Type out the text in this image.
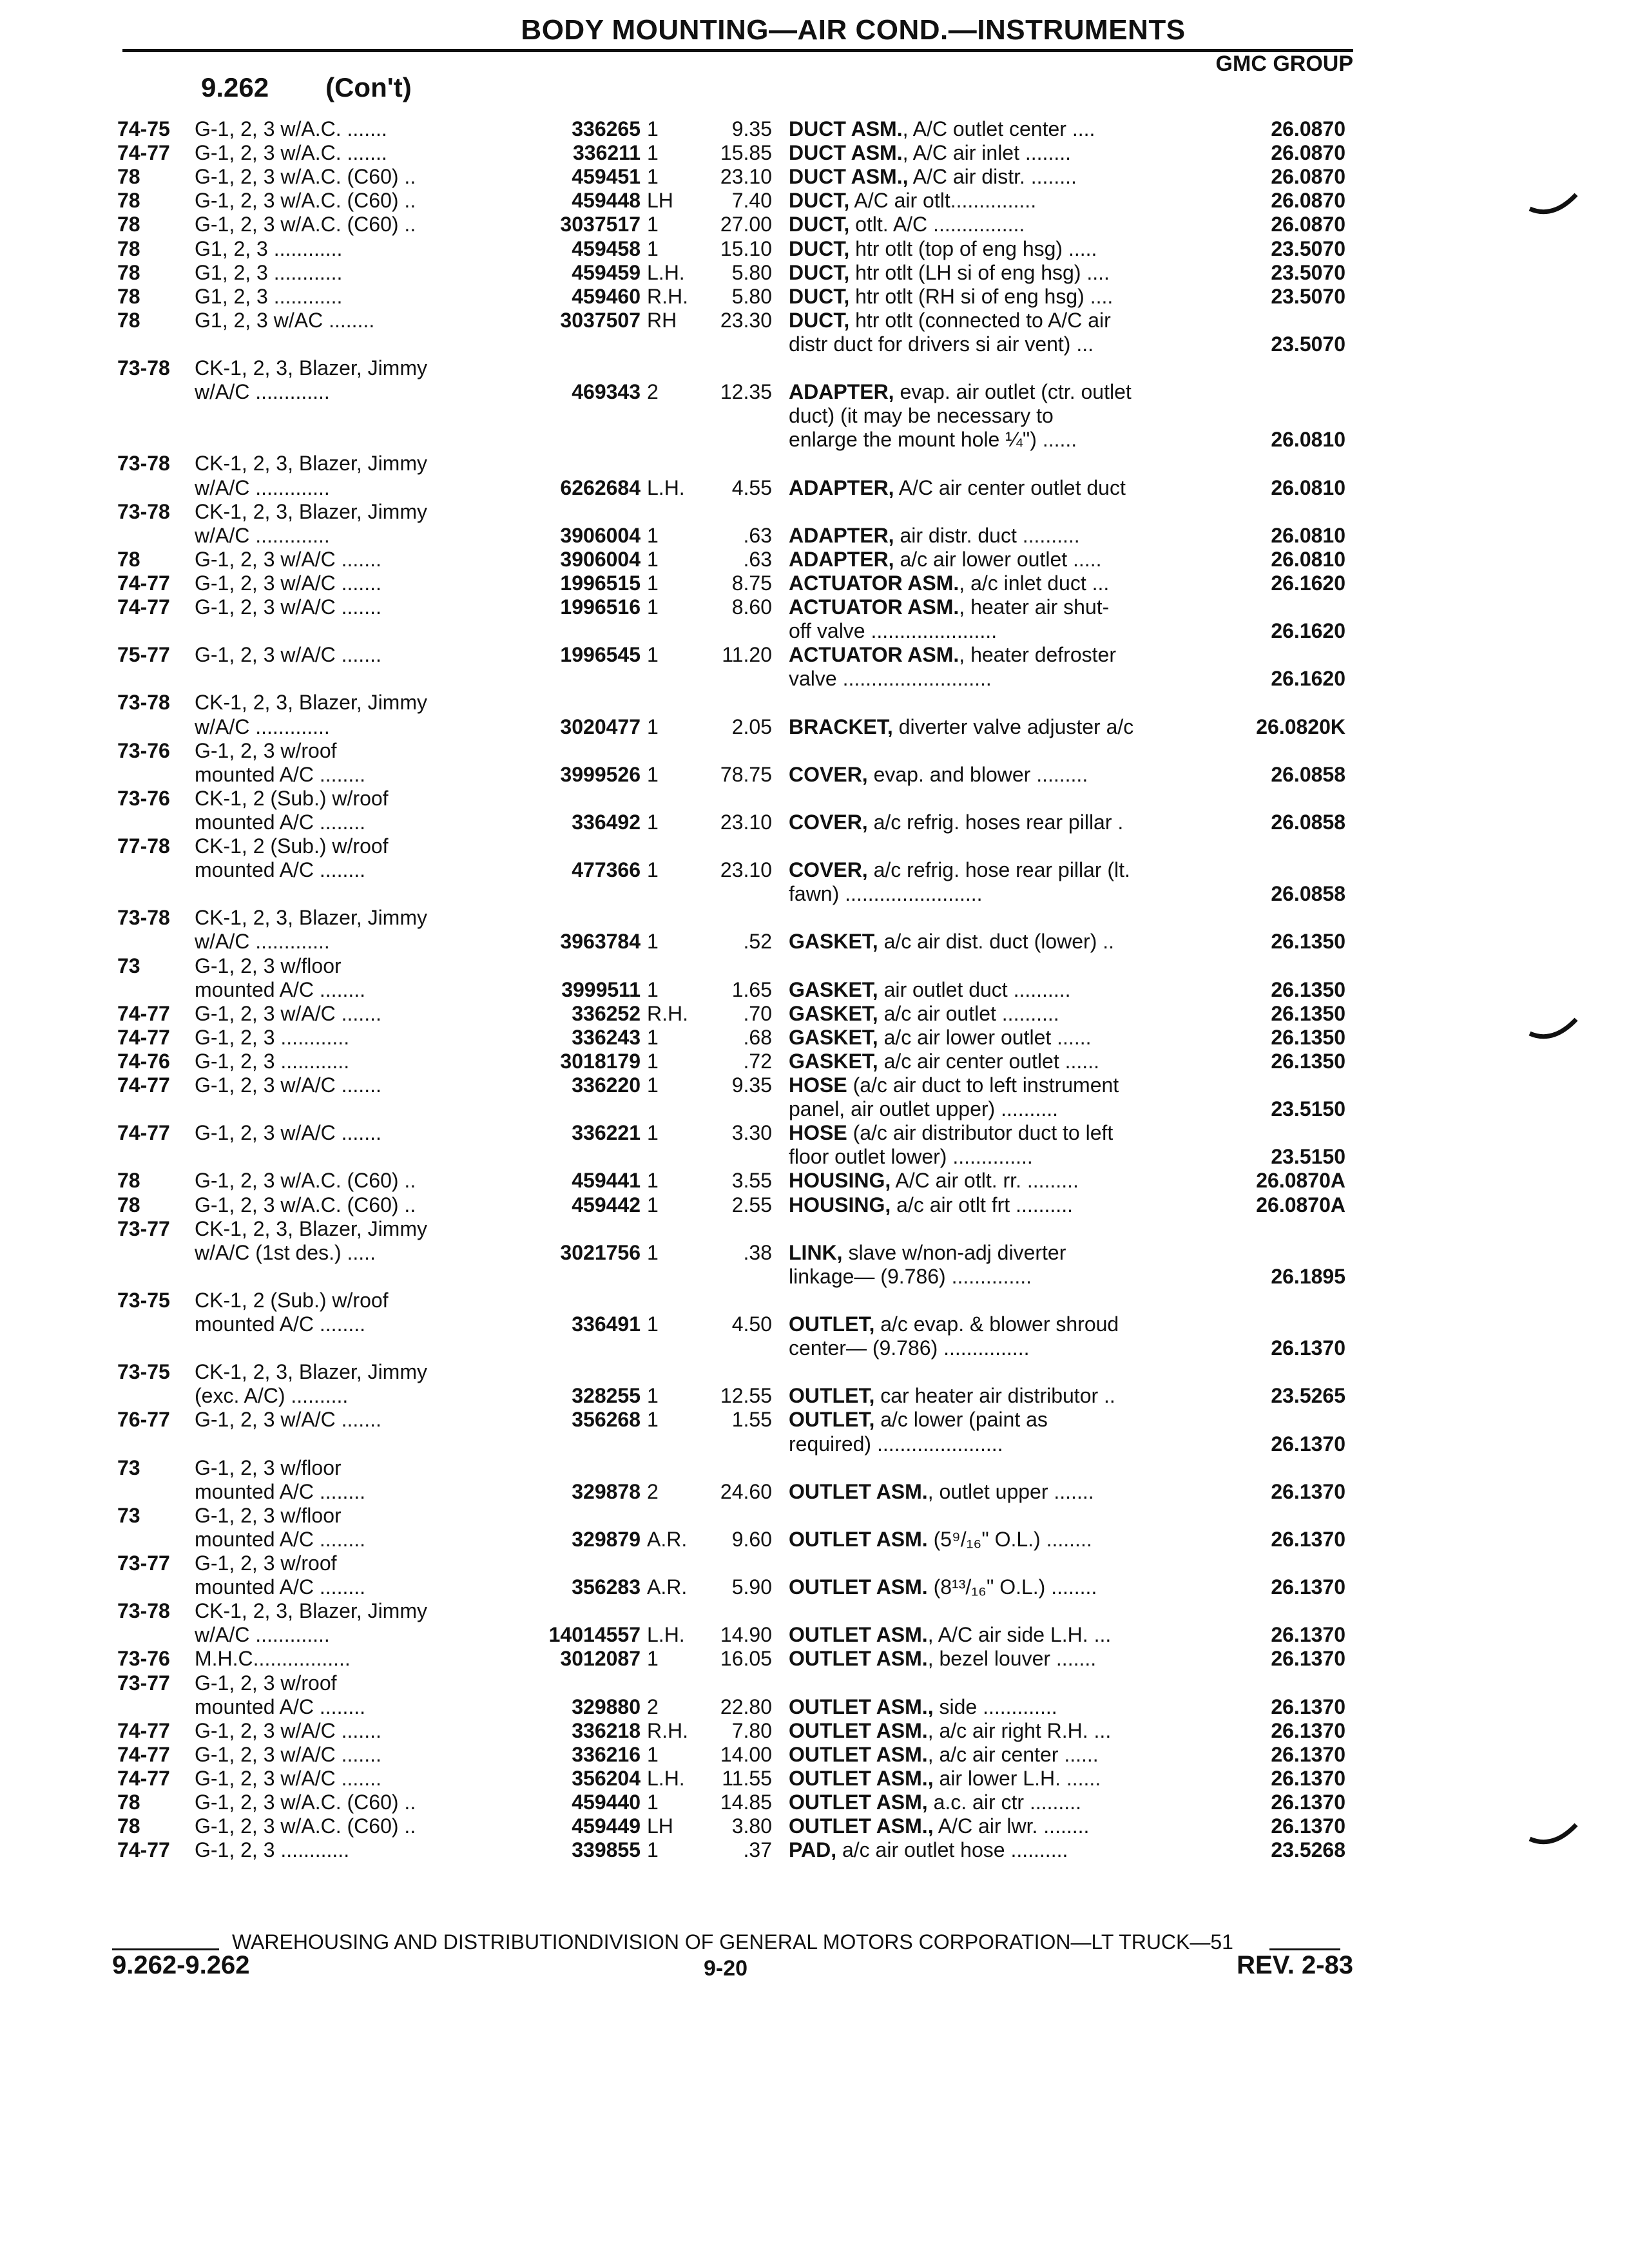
BODY MOUNTING—AIR COND.—INSTRUMENTS
GMC GROUP
9.262 (Con't)
74-75 G-1, 2, 3 w/A.C. .......	336265 1	9.35 DUCT ASM., A/C outlet center ....	26.0870
74-77 G-1, 2, 3 w/A.C. .......	336211 1	15.85 DUCT ASM., A/C air inlet ........	26.0870
78	G-1, 2, 3 w/A.C. (C60) ..	459451 1	23.10 DUCT ASM., A/C air distr. ........	26.0870
78	G-1, 2, 3 w/A.C. (C60) ..	459448 LH	7.40 DUCT, A/C air otlt...............	26.0870
78	G-1, 2, 3 w/A.C. (C60) ..	3037517 1	27.00 DUCT, otlt. A/C ................	26.0870
78	G1, 2, 3 ............	459458 1	15.10 DUCT, htr otlt (top of eng hsg) .....	23.5070
78	G1, 2, 3 ............	459459 L.H.	5.80 DUCT, htr otlt (LH si of eng hsg) ....	23.5070
78	G1, 2, 3 ............	459460 R.H. 5.80 DUCT, htr otlt (RH si of eng hsg) ....	23.5070
78	G1, 2, 3 w/AC ........	3037507 RH	23.30 DUCT, htr otlt (connected to A/C air
distr duct for drivers si air vent) ...	23.5070
73-78 CK-1, 2, 3, Blazer, Jimmy
w/A/C .............	469343 2	12.35 ADAPTER, evap. air outlet (ctr. outlet
duct) (it may be necessary to
enlarge the mount hole ¼") ......	26.0810
73-78 CK-1, 2, 3, Blazer, Jimmy
w/A/C .............	6262684 L.H.	4.55 ADAPTER, A/C air center outlet duct	26.0810
73-78 CK-1, 2, 3, Blazer, Jimmy
w/A/C .............	3906004 1	.63 ADAPTER, air distr. duct ..........	26.0810
78	G-1, 2, 3 w/A/C .......	3906004 1	.63 ADAPTER, a/c air lower outlet .....	26.0810
74-77 G-1, 2, 3 w/A/C .......	1996515 1	8.75 ACTUATOR ASM., a/c inlet duct ...	26.1620
74-77 G-1, 2, 3 w/A/C .......	1996516 1	8.60 ACTUATOR ASM., heater air shut-
off valve ......................	26.1620
75-77 G-1, 2, 3 w/A/C .......	1996545 1	11.20 ACTUATOR ASM., heater defroster
valve ..........................	26.1620
73-78 CK-1, 2, 3, Blazer, Jimmy
w/A/C .............	3020477 1	2.05 BRACKET, diverter valve adjuster a/c	26.0820K
73-76 G-1, 2, 3 w/roof
mounted A/C ........	3999526 1	78.75 COVER, evap. and blower .........	26.0858
73-76 CK-1, 2 (Sub.) w/roof
mounted A/C ........	336492 1	23.10 COVER, a/c refrig. hoses rear pillar .	26.0858
77-78 CK-1, 2 (Sub.) w/roof
mounted A/C ........	477366 1	23.10 COVER, a/c refrig. hose rear pillar (lt.
fawn) ........................	26.0858
73-78 CK-1, 2, 3, Blazer, Jimmy
w/A/C .............	3963784 1	.52 GASKET, a/c air dist. duct (lower) ..	26.1350
73	G-1, 2, 3 w/floor
mounted A/C ........	3999511 1	1.65 GASKET, air outlet duct ..........	26.1350
74-77 G-1, 2, 3 w/A/C .......	336252 R.H.	.70 GASKET, a/c air outlet ..........	26.1350
74-77 G-1, 2, 3 ............	336243 1	.68 GASKET, a/c air lower outlet ......	26.1350
74-76 G-1, 2, 3 ............	3018179 1	.72 GASKET, a/c air center outlet ......	26.1350
74-77 G-1, 2, 3 w/A/C .......	336220 1	9.35 HOSE (a/c air duct to left instrument
panel, air outlet upper) ..........	23.5150
74-77 G-1, 2, 3 w/A/C .......	336221 1	3.30 HOSE (a/c air distributor duct to left
floor outlet lower) ..............	23.5150
78	G-1, 2, 3 w/A.C. (C60) ..	459441 1	3.55 HOUSING, A/C air otlt. rr. .........	26.0870A
78	G-1, 2, 3 w/A.C. (C60) ..	459442 1	2.55 HOUSING, a/c air otlt frt ..........	26.0870A
73-77 CK-1, 2, 3, Blazer, Jimmy
w/A/C (1st des.) .....	3021756 1	.38 LINK, slave w/non-adj diverter
linkage— (9.786) ..............	26.1895
73-75 CK-1, 2 (Sub.) w/roof
mounted A/C ........	336491 1	4.50 OUTLET, a/c evap. & blower shroud
center— (9.786) ...............	26.1370
73-75 CK-1, 2, 3, Blazer, Jimmy
(exc. A/C) ..........	328255 1	12.55 OUTLET, car heater air distributor ..	23.5265
76-77 G-1, 2, 3 w/A/C .......	356268 1	1.55 OUTLET, a/c lower (paint as
required) ......................	26.1370
73	G-1, 2, 3 w/floor
mounted A/C ........	329878 2	24.60 OUTLET ASM., outlet upper .......	26.1370
73	G-1, 2, 3 w/floor
mounted A/C ........	329879 A.R. 9.60 OUTLET ASM. (5⁹/₁₆" O.L.) ........	26.1370
73-77 G-1, 2, 3 w/roof
mounted A/C ........	356283 A.R. 5.90 OUTLET ASM. (8¹³/₁₆" O.L.) ........	26.1370
73-78 CK-1, 2, 3, Blazer, Jimmy
w/A/C .............	14014557 L.H.	14.90 OUTLET ASM., A/C air side L.H. ...	26.1370
73-76 M.H.C.................	3012087 1	16.05 OUTLET ASM., bezel louver .......	26.1370
73-77 G-1, 2, 3 w/roof
mounted A/C ........	329880 2	22.80 OUTLET ASM., side .............	26.1370
74-77 G-1, 2, 3 w/A/C .......	336218 R.H. 7.80 OUTLET ASM., a/c air right R.H. ...	26.1370
74-77 G-1, 2, 3 w/A/C .......	336216 1	14.00 OUTLET ASM., a/c air center ......	26.1370
74-77 G-1, 2, 3 w/A/C .......	356204 L.H.	11.55 OUTLET ASM., air lower L.H. ......	26.1370
78	G-1, 2, 3 w/A.C. (C60) ..	459440 1	14.85 OUTLET ASM, a.c. air ctr .........	26.1370
78	G-1, 2, 3 w/A.C. (C60) ..	459449 LH	3.80 OUTLET ASM., A/C air lwr. ........	26.1370
74-77 G-1, 2, 3 ............	339855 1	.37 PAD, a/c air outlet hose ..........	23.5268
WAREHOUSING AND DISTRIBUTIONDIVISION OF GENERAL MOTORS CORPORATION—LT TRUCK—51
9.262-9.262	9-20	REV. 2-83
